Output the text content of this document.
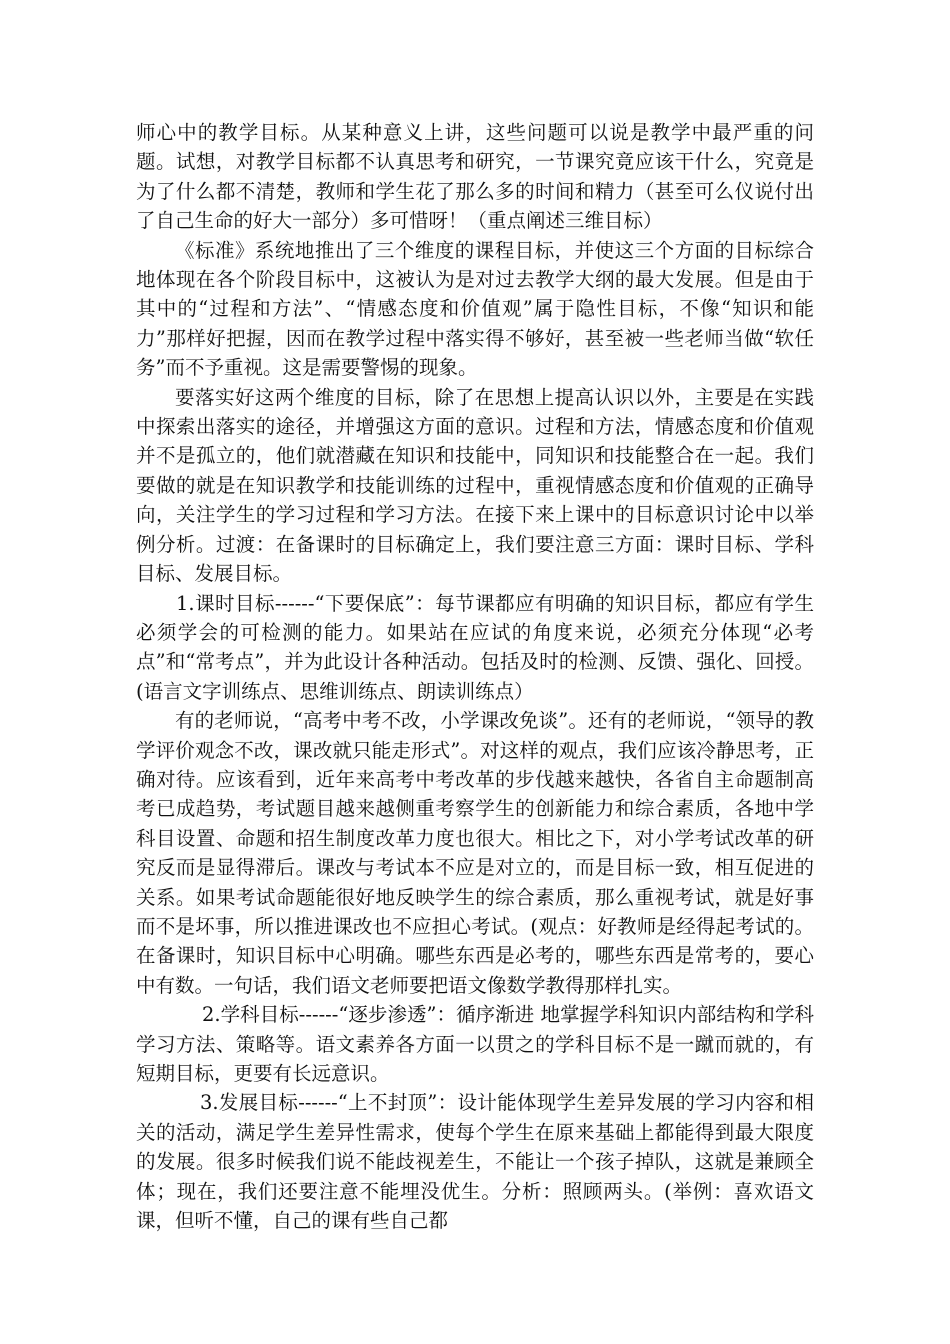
师心中的教学目标。从某种意义上讲，这些问题可以说是教学中最严重的问题。试想，对教学目标都不认真思考和研究，一节课究竟应该干什么，究竟是为了什么都不清楚，教师和学生花了那么多的时间和精力（甚至可么仪说付出了自己生命的好大一部分）多可惜呀！（重点阐述三维目标）

《标准》系统地推出了三个维度的课程目标，并使这三个方面的目标综合地体现在各个阶段目标中，这被认为是对过去教学大纲的最大发展。但是由于其中的“过程和方法”、“情感态度和价值观”属于隐性目标，不像“知识和能力”那样好把握，因而在教学过程中落实得不够好，甚至被一些老师当做“软任务”而不予重视。这是需要警惕的现象。

要落实好这两个维度的目标，除了在思想上提高认识以外，主要是在实践中探索出落实的途径，并增强这方面的意识。过程和方法，情感态度和价值观并不是孤立的，他们就潜藏在知识和技能中，同知识和技能整合在一起。我们要做的就是在知识教学和技能训练的过程中，重视情感态度和价值观的正确导向，关注学生的学习过程和学习方法。在接下来上课中的目标意识讨论中以举例分析。过渡：在备课时的目标确定上，我们要注意三方面：课时目标、学科目标、发展目标。

1.课时目标------“下要保底”：每节课都应有明确的知识目标，都应有学生必须学会的可检测的能力。如果站在应试的角度来说，必须充分体现“必考点”和“常考点”，并为此设计各种活动。包括及时的检测、反馈、强化、回授。(语言文字训练点、思维训练点、朗读训练点）

有的老师说，“高考中考不改，小学课改免谈”。还有的老师说，“领导的教学评价观念不改，课改就只能走形式”。对这样的观点，我们应该冷静思考，正确对待。应该看到，近年来高考中考改革的步伐越来越快，各省自主命题制高考已成趋势，考试题目越来越侧重考察学生的创新能力和综合素质，各地中学科目设置、命题和招生制度改革力度也很大。相比之下，对小学考试改革的研究反而是显得滞后。课改与考试本不应是对立的，而是目标一致，相互促进的关系。如果考试命题能很好地反映学生的综合素质，那么重视考试，就是好事而不是坏事，所以推进课改也不应担心考试。(观点：好教师是经得起考试的。在备课时，知识目标中心明确。哪些东西是必考的，哪些东西是常考的，要心中有数。一句话，我们语文老师要把语文像数学教得那样扎实。

2.学科目标------“逐步渗透”：循序渐进 地掌握学科知识内部结构和学科学习方法、策略等。语文素养各方面一以贯之的学科目标不是一蹴而就的，有短期目标，更要有长远意识。

3.发展目标------“上不封顶”：设计能体现学生差异发展的学习内容和相关的活动，满足学生差异性需求，使每个学生在原来基础上都能得到最大限度的发展。很多时候我们说不能歧视差生，不能让一个孩子掉队，这就是兼顾全体；现在，我们还要注意不能埋没优生。分析：照顾两头。(举例：喜欢语文课，但听不懂，自己的课有些自己都
